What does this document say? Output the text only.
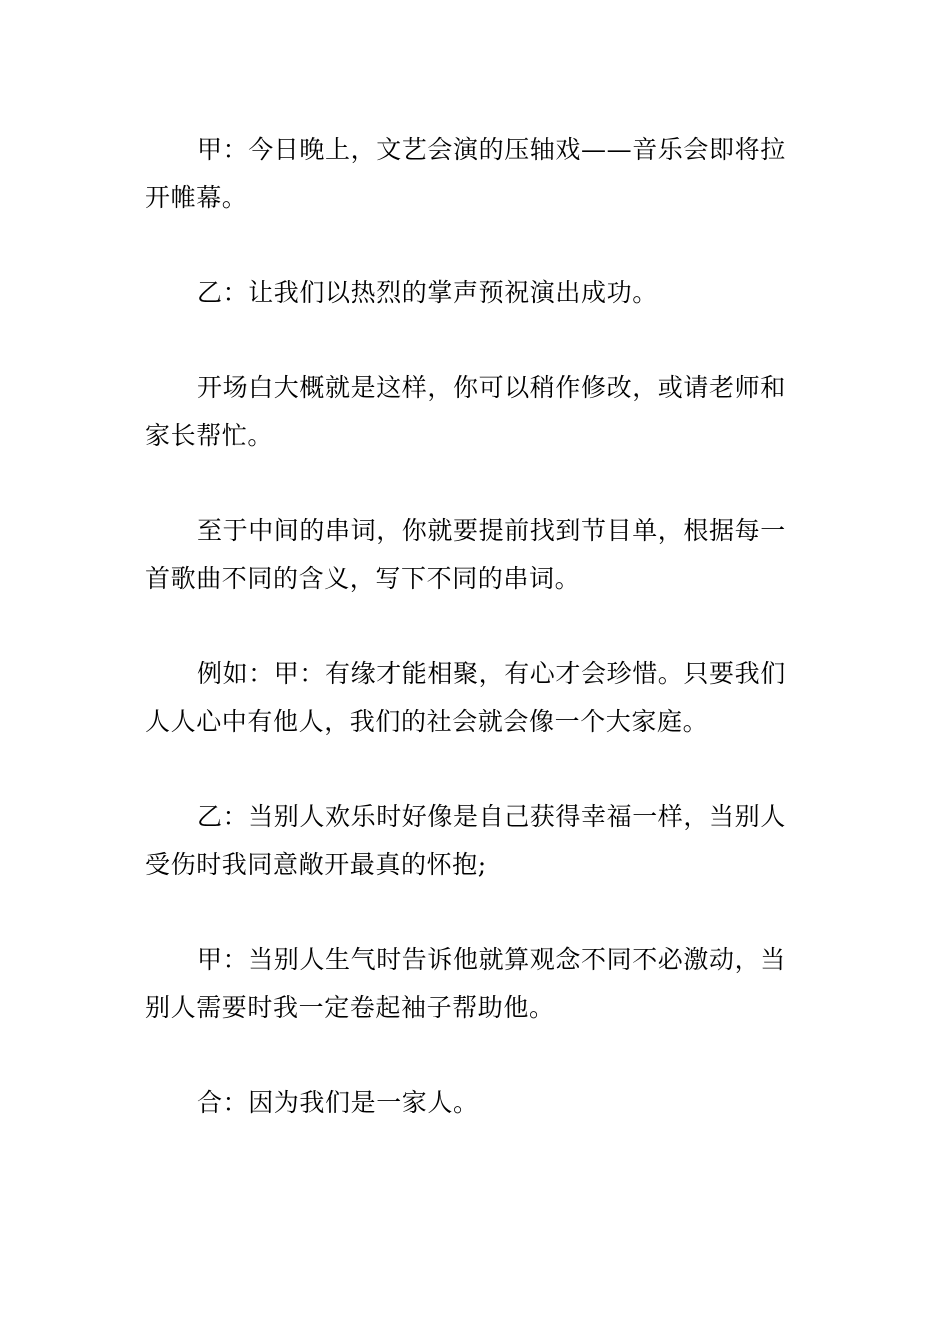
甲：今日晚上，文艺会演的压轴戏——音乐会即将拉开帷幕。

乙：让我们以热烈的掌声预祝演出成功。

开场白大概就是这样，你可以稍作修改，或请老师和家长帮忙。

至于中间的串词，你就要提前找到节目单，根据每一首歌曲不同的含义，写下不同的串词。

例如：甲：有缘才能相聚，有心才会珍惜。只要我们人人心中有他人，我们的社会就会像一个大家庭。

乙：当别人欢乐时好像是自己获得幸福一样，当别人受伤时我同意敞开最真的怀抱;

甲：当别人生气时告诉他就算观念不同不必激动，当别人需要时我一定卷起袖子帮助他。

合：因为我们是一家人。
